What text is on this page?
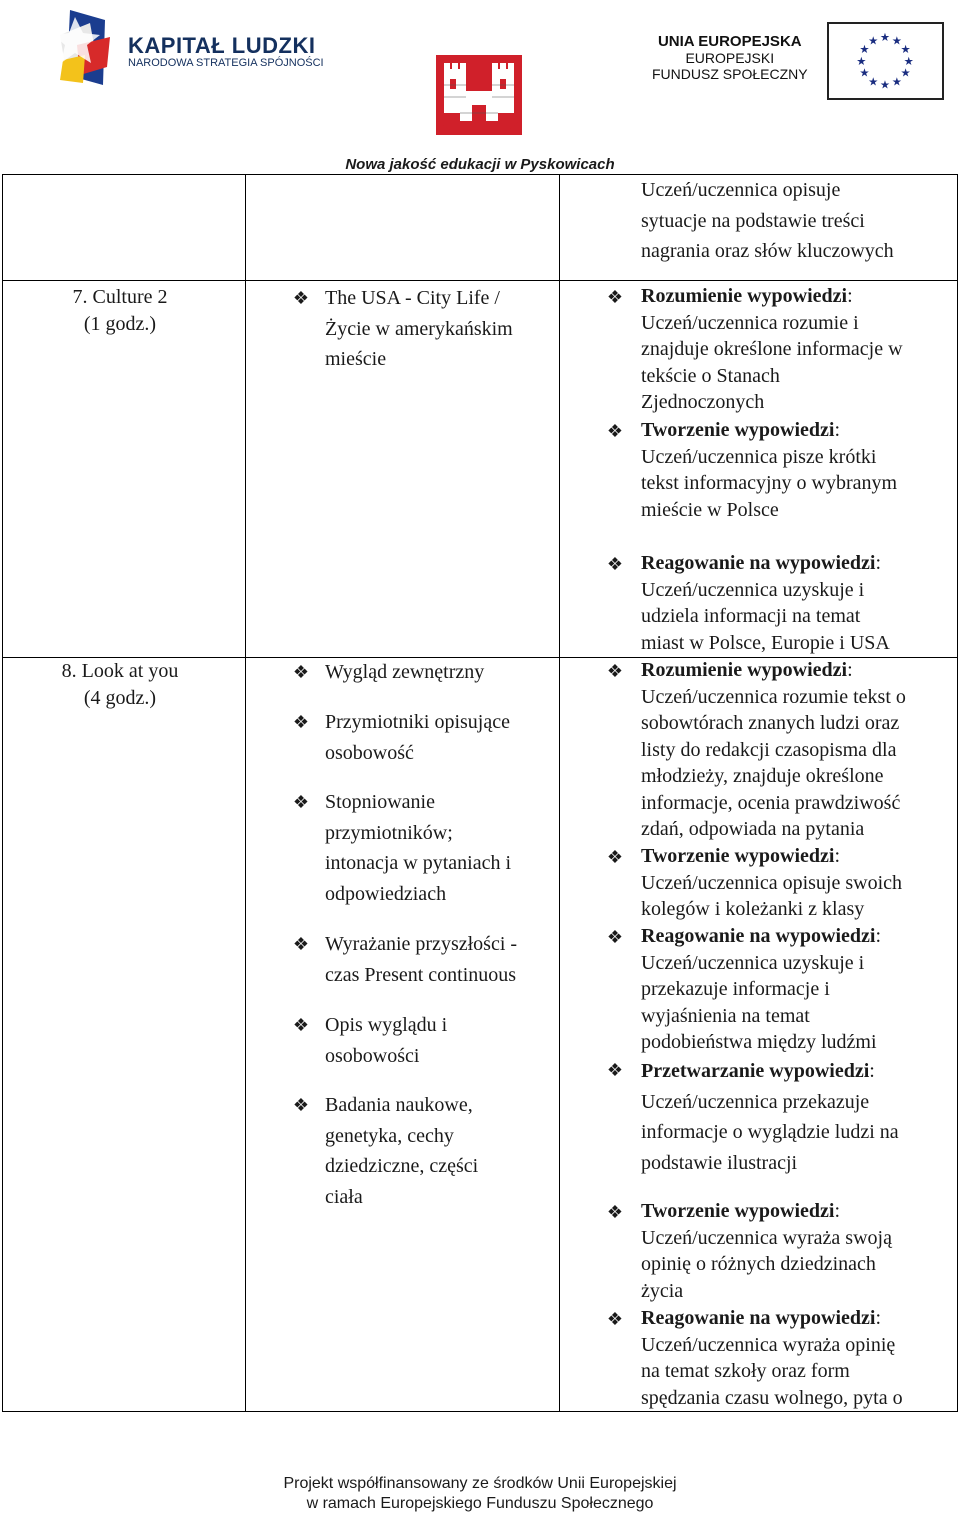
KAPITAŁ LUDZKI
NARODOWA STRATEGIA SPÓJNOŚCI
UNIA EUROPEJSKA
EUROPEJSKI
FUNDUSZ SPOŁECZNY
★ ★
★
★
★
★
★
★
★
★
★
★
Nowa jakość edukacji w Pyskowicach
Uczeń/uczennica opisuje
sytuacje na podstawie treści
nagrania oraz słów kluczowych
7. Culture 2
(1 godz.)
❖ The USA - City Life /
Życie w amerykańskim
mieście
❖ Rozumienie wypowiedzi:
Uczeń/uczennica rozumie i
znajduje określone informacje w
tekście o Stanach
Zjednoczonych
❖ Tworzenie wypowiedzi:
Uczeń/uczennica pisze krótki
tekst informacyjny o wybranym
mieście w Polsce
❖ Reagowanie na wypowiedzi:
Uczeń/uczennica uzyskuje i
udziela informacji na temat
miast w Polsce, Europie i USA
8. Look at you
(4 godz.)
❖ Wygląd zewnętrzny
❖ Przymiotniki opisujące
osobowość
❖ Stopniowanie
przymiotników;
intonacja w pytaniach i
odpowiedziach
❖ Wyrażanie przyszłości -
czas Present continuous
❖ Opis wyglądu i
osobowości
❖ Badania naukowe,
genetyka, cechy
dziedziczne, części
ciała
❖ Rozumienie wypowiedzi:
Uczeń/uczennica rozumie tekst o
sobowtórach znanych ludzi oraz
listy do redakcji czasopisma dla
młodzieży, znajduje określone
informacje, ocenia prawdziwość
zdań, odpowiada na pytania
❖ Tworzenie wypowiedzi:
Uczeń/uczennica opisuje swoich
kolegów i koleżanki z klasy
❖ Reagowanie na wypowiedzi:
Uczeń/uczennica uzyskuje i
przekazuje informacje i
wyjaśnienia na temat
podobieństwa między ludźmi
❖ Przetwarzanie wypowiedzi:
Uczeń/uczennica przekazuje
informacje o wyglądzie ludzi na
podstawie ilustracji
❖ Tworzenie wypowiedzi:
Uczeń/uczennica wyraża swoją
opinię o różnych dziedzinach
życia
❖ Reagowanie na wypowiedzi:
Uczeń/uczennica wyraża opinię
na temat szkoły oraz form
spędzania czasu wolnego, pyta o
Projekt współfinansowany ze środków Unii Europejskiej
w ramach Europejskiego Funduszu Społecznego
